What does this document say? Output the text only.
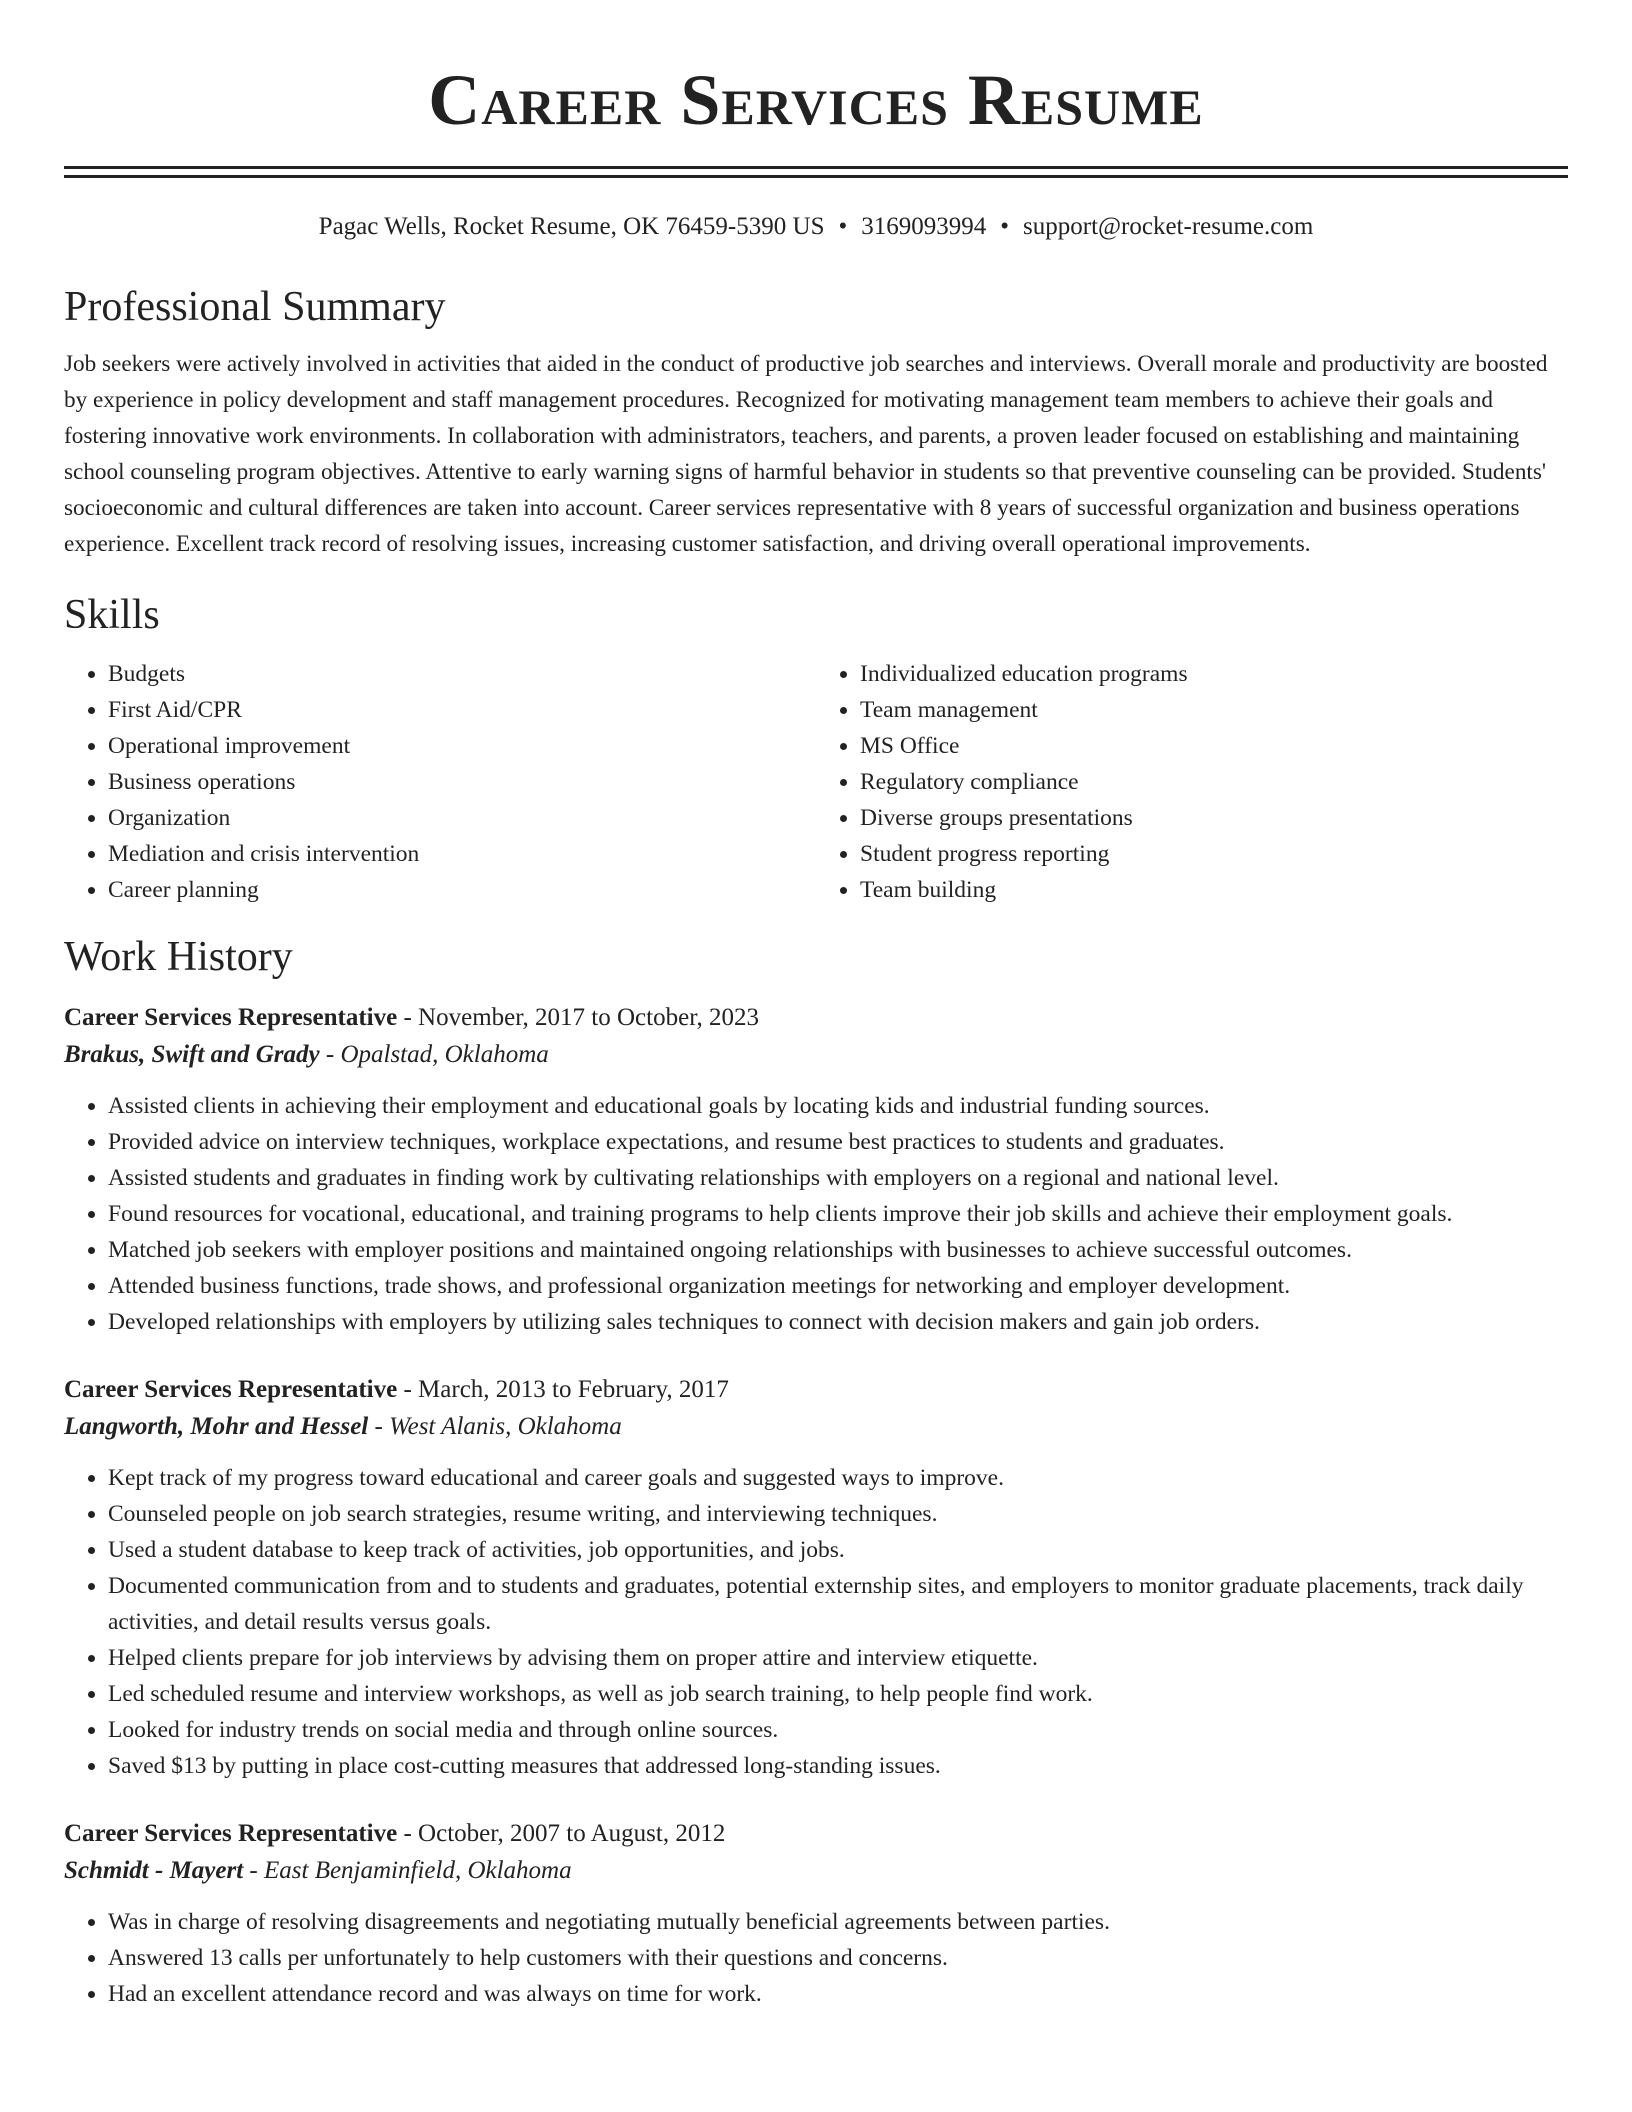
Career Services Resume
Pagac Wells, Rocket Resume, OK 76459-5390 US • 3169093994 • support@rocket-resume.com
Professional Summary

Job seekers were actively involved in activities that aided in the conduct of productive job searches and interviews. Overall morale and productivity are boosted by experience in policy development and staff management procedures. Recognized for motivating management team members to achieve their goals and fostering innovative work environments. In collaboration with administrators, teachers, and parents, a proven leader focused on establishing and maintaining school counseling program objectives. Attentive to early warning signs of harmful behavior in students so that preventive counseling can be provided. Students' socioeconomic and cultural differences are taken into account. Career services representative with 8 years of successful organization and business operations experience. Excellent track record of resolving issues, increasing customer satisfaction, and driving overall operational improvements.

Skills
• Budgets
• First Aid/CPR
• Operational improvement
• Business operations
• Organization
• Mediation and crisis intervention
• Career planning
• Individualized education programs
• Team management
• MS Office
• Regulatory compliance
• Diverse groups presentations
• Student progress reporting
• Team building
Work History
Career Services Representative - November, 2017 to October, 2023
Brakus, Swift and Grady - Opalstad, Oklahoma
• Assisted clients in achieving their employment and educational goals by locating kids and industrial funding sources.
• Provided advice on interview techniques, workplace expectations, and resume best practices to students and graduates.
• Assisted students and graduates in finding work by cultivating relationships with employers on a regional and national level.
• Found resources for vocational, educational, and training programs to help clients improve their job skills and achieve their employment goals.
• Matched job seekers with employer positions and maintained ongoing relationships with businesses to achieve successful outcomes.
• Attended business functions, trade shows, and professional organization meetings for networking and employer development.
• Developed relationships with employers by utilizing sales techniques to connect with decision makers and gain job orders.
Career Services Representative - March, 2013 to February, 2017
Langworth, Mohr and Hessel - West Alanis, Oklahoma
• Kept track of my progress toward educational and career goals and suggested ways to improve.
• Counseled people on job search strategies, resume writing, and interviewing techniques.
• Used a student database to keep track of activities, job opportunities, and jobs.
• Documented communication from and to students and graduates, potential externship sites, and employers to monitor graduate placements, track daily activities, and detail results versus goals.
• Helped clients prepare for job interviews by advising them on proper attire and interview etiquette.
• Led scheduled resume and interview workshops, as well as job search training, to help people find work.
• Looked for industry trends on social media and through online sources.
• Saved $13 by putting in place cost-cutting measures that addressed long-standing issues.
Career Services Representative - October, 2007 to August, 2012
Schmidt - Mayert - East Benjaminfield, Oklahoma
• Was in charge of resolving disagreements and negotiating mutually beneficial agreements between parties.
• Answered 13 calls per unfortunately to help customers with their questions and concerns.
• Had an excellent attendance record and was always on time for work.
